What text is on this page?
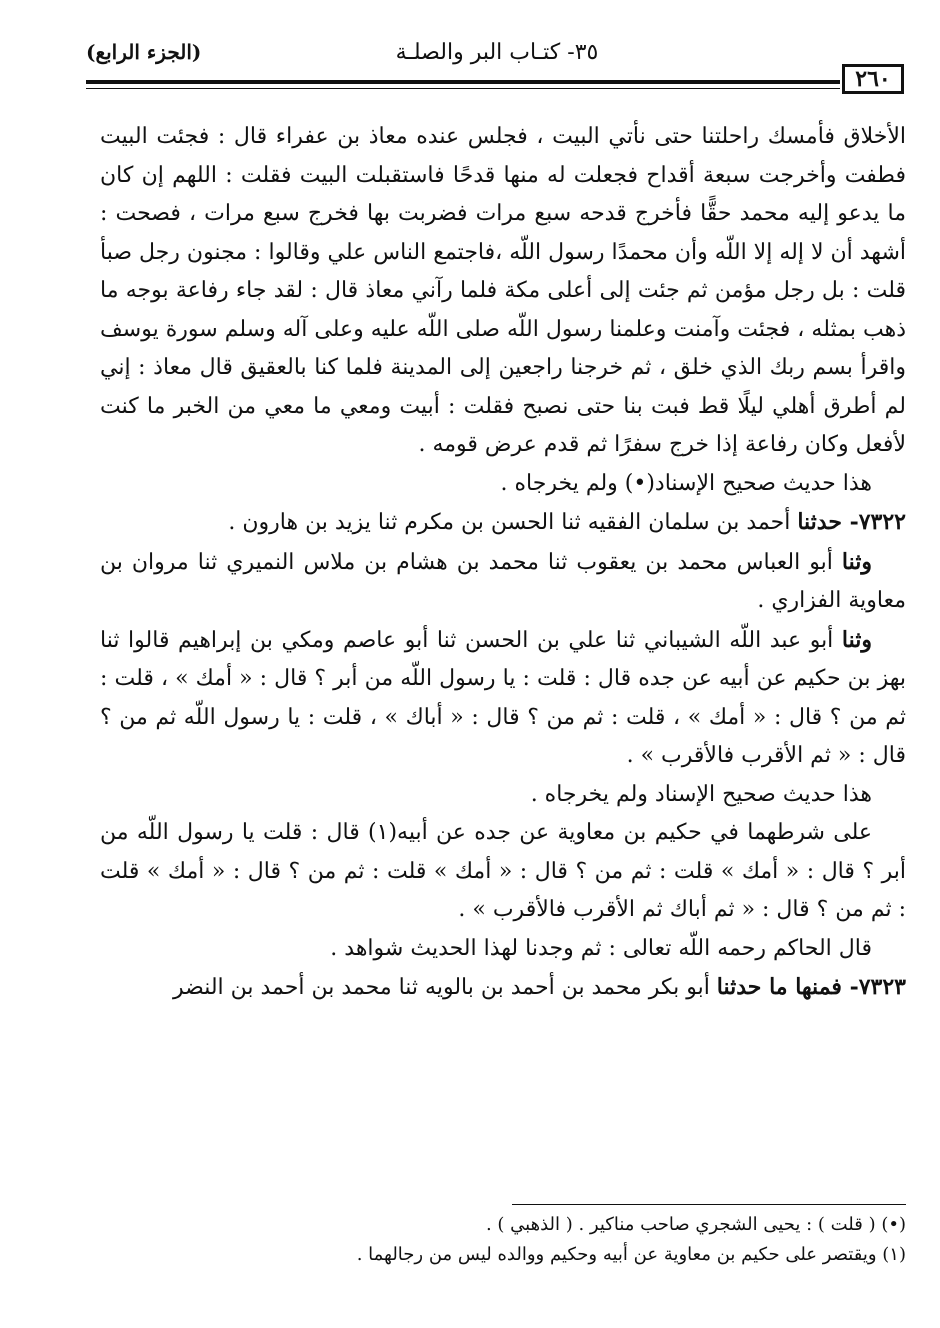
(الجزء الرابع)	٣٥- كتـاب البر والصلـة
٢٦٠

الأخلاق فأمسك راحلتنا حتى نأتي البيت ، فجلس عنده معاذ بن عفراء قال : فجئت البيت فطفت وأخرجت سبعة أقداح فجعلت له منها قدحًا فاستقبلت البيت فقلت : اللهم إن كان ما يدعو إليه محمد حقًّا فأخرج قدحه سبع مرات فضربت بها فخرج سبع مرات ، فصحت : أشهد أن لا إله إلا اللّه وأن محمدًا رسول اللّه ،فاجتمع الناس علي وقالوا : مجنون رجل صبأ قلت : بل رجل مؤمن ثم جئت إلى أعلى مكة فلما رآني معاذ قال : لقد جاء رفاعة بوجه ما ذهب بمثله ، فجئت وآمنت وعلمنا رسول اللّه صلى اللّه عليه وعلى آله وسلم سورة يوسف واقرأ بسم ربك الذي خلق ، ثم خرجنا راجعين إلى المدينة فلما كنا بالعقيق قال معاذ : إني لم أطرق أهلي ليلًا قط فبت بنا حتى نصبح فقلت : أبيت ومعي ما معي من الخبر ما كنت لأفعل وكان رفاعة إذا خرج سفرًا ثم قدم عرض قومه .

هذا حديث صحيح الإسناد(•) ولم يخرجاه .

٧٣٢٢- حدثنا أحمد بن سلمان الفقيه ثنا الحسن بن مكرم ثنا يزيد بن هارون .

وثنا أبو العباس محمد بن يعقوب ثنا محمد بن هشام بن ملاس النميري ثنا مروان بن معاوية الفزاري .

وثنا أبو عبد اللّه الشيباني ثنا علي بن الحسن ثنا أبو عاصم ومكي بن إبراهيم قالوا ثنا بهز بن حكيم عن أبيه عن جده قال : قلت : يا رسول اللّه من أبر ؟ قال : « أمك » ، قلت : ثم من ؟ قال : « أمك » ، قلت : ثم من ؟ قال : « أباك » ، قلت : يا رسول اللّه ثم من ؟ قال : « ثم الأقرب فالأقرب » .

هذا حديث صحيح الإسناد ولم يخرجاه .

على شرطهما في حكيم بن معاوية عن جده عن أبيه(١) قال : قلت يا رسول اللّه من أبر ؟ قال : « أمك » قلت : ثم من ؟ قال : « أمك » قلت : ثم من ؟ قال : « أمك » قلت : ثم من ؟ قال : « ثم أباك ثم الأقرب فالأقرب » .

قال الحاكم رحمه اللّه تعالى : ثم وجدنا لهذا الحديث شواهد .

٧٣٢٣- فمنها ما حدثنا أبو بكر محمد بن أحمد بن بالويه ثنا محمد بن أحمد بن النضر

(•) ( قلت ) : يحيى الشجري صاحب مناكير . ( الذهبي ) .

(١) ويقتصر على حكيم بن معاوية عن أبيه وحكيم ووالده ليس من رجالهما .
